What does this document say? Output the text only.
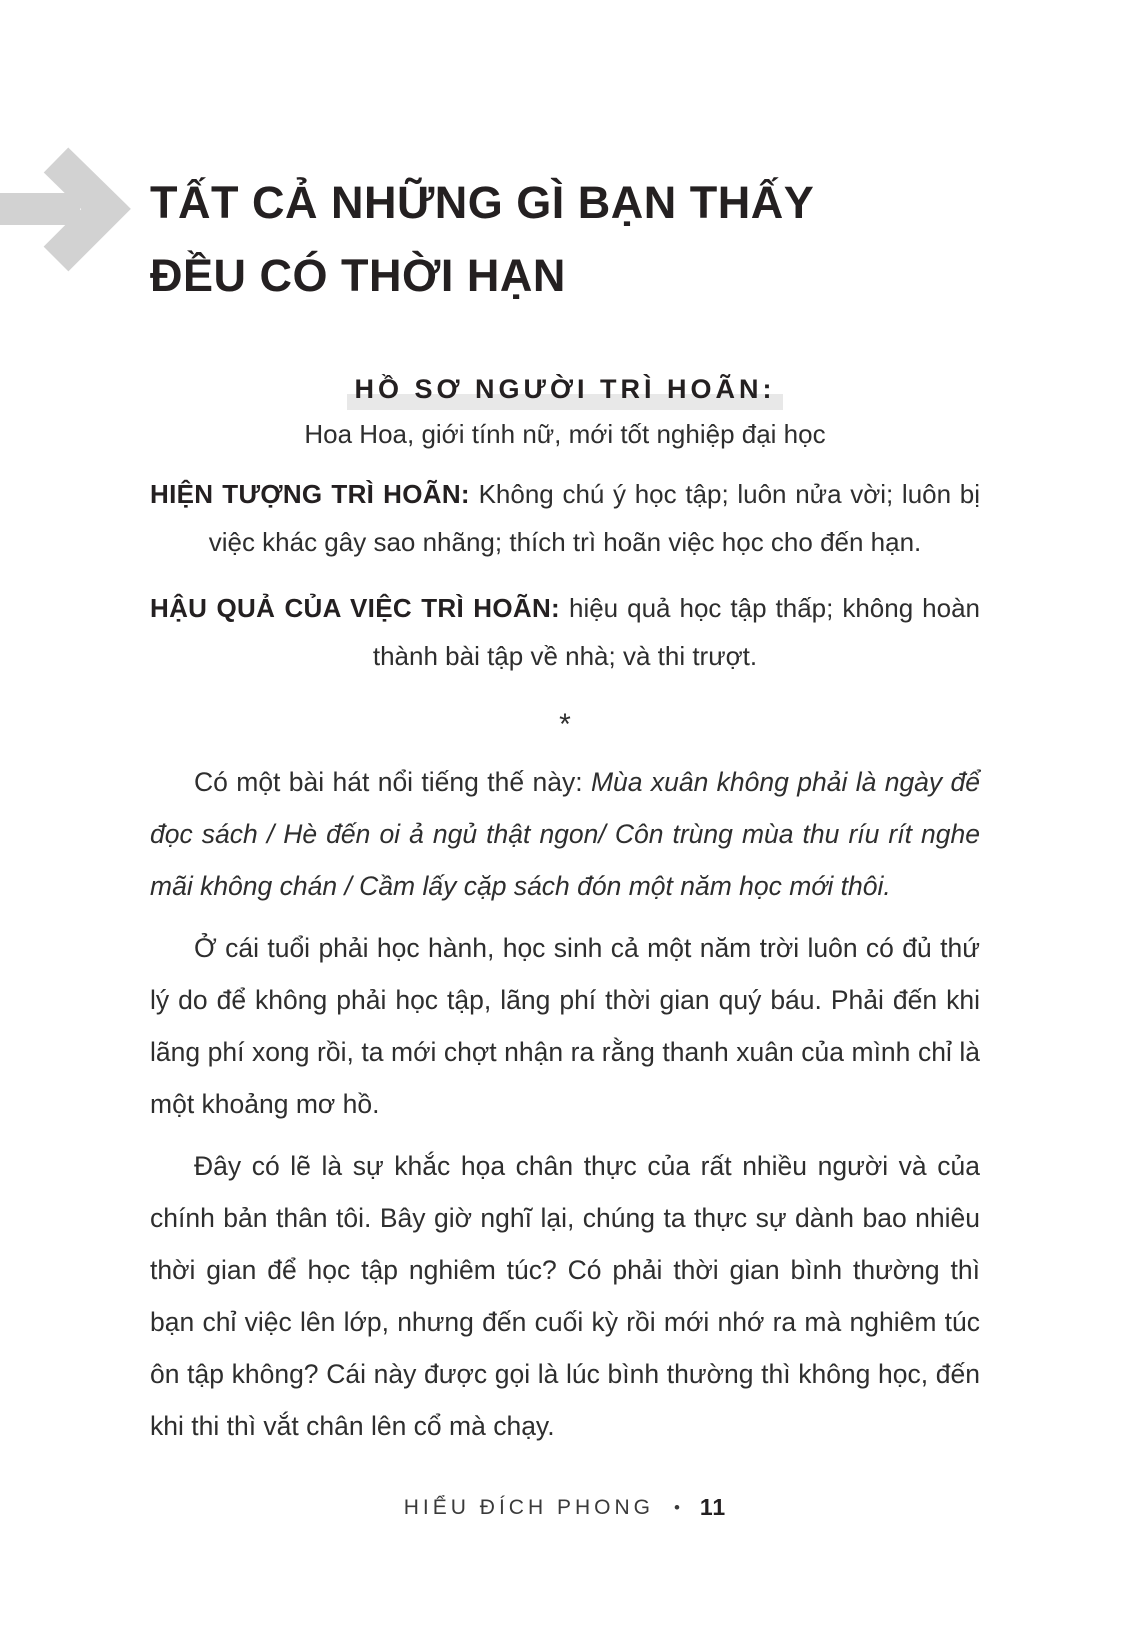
TẤT CẢ NHỮNG GÌ BẠN THẤY
ĐỀU CÓ THỜI HẠN
HỒ SƠ NGƯỜI TRÌ HOÃN:

Hoa Hoa, giới tính nữ, mới tốt nghiệp đại học

HIỆN TƯỢNG TRÌ HOÃN: Không chú ý học tập; luôn nửa vời; luôn bị việc khác gây sao nhãng; thích trì hoãn việc học cho đến hạn.

HẬU QUẢ CỦA VIỆC TRÌ HOÃN: hiệu quả học tập thấp; không hoàn thành bài tập về nhà; và thi trượt.

*

Có một bài hát nổi tiếng thế này: Mùa xuân không phải là ngày để đọc sách / Hè đến oi ả ngủ thật ngon/ Côn trùng mùa thu ríu rít nghe mãi không chán / Cầm lấy cặp sách đón một năm học mới thôi.

Ở cái tuổi phải học hành, học sinh cả một năm trời luôn có đủ thứ lý do để không phải học tập, lãng phí thời gian quý báu. Phải đến khi lãng phí xong rồi, ta mới chợt nhận ra rằng thanh xuân của mình chỉ là một khoảng mơ hồ.

Đây có lẽ là sự khắc họa chân thực của rất nhiều người và của chính bản thân tôi. Bây giờ nghĩ lại, chúng ta thực sự dành bao nhiêu thời gian để học tập nghiêm túc? Có phải thời gian bình thường thì bạn chỉ việc lên lớp, nhưng đến cuối kỳ rồi mới nhớ ra mà nghiêm túc ôn tập không? Cái này được gọi là lúc bình thường thì không học, đến khi thi thì vắt chân lên cổ mà chạy.

HIỂU ĐÍCH PHONG • 11
